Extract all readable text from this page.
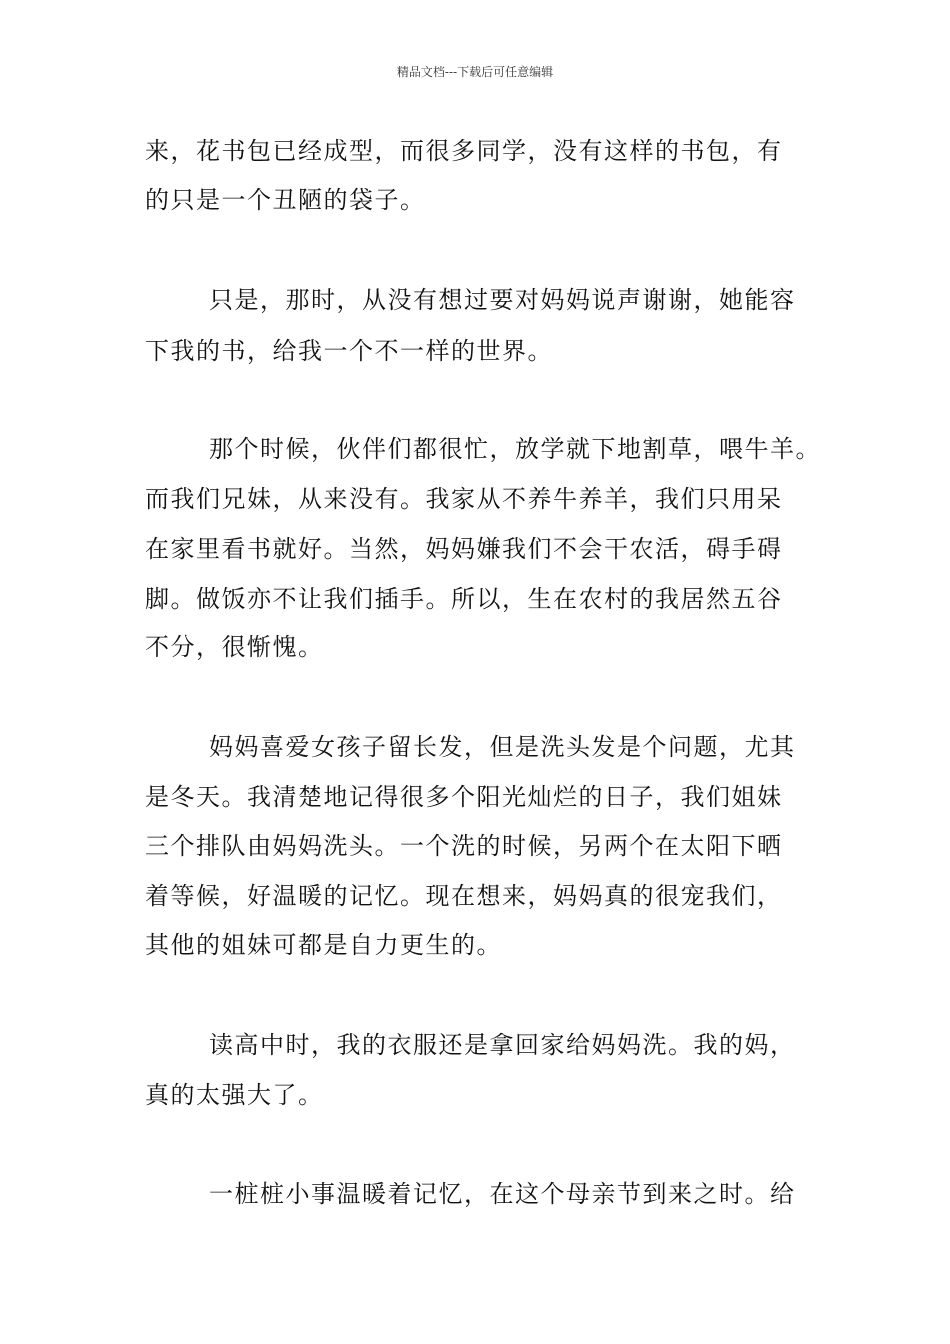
精品文档---下载后可任意编辑
来，花书包已经成型，而很多同学，没有这样的书包，有
的只是一个丑陋的袋子。
只是，那时，从没有想过要对妈妈说声谢谢，她能容
下我的书，给我一个不一样的世界。
那个时候，伙伴们都很忙，放学就下地割草，喂牛羊。
而我们兄妹，从来没有。我家从不养牛养羊，我们只用呆
在家里看书就好。当然，妈妈嫌我们不会干农活，碍手碍
脚。做饭亦不让我们插手。所以，生在农村的我居然五谷
不分，很惭愧。
妈妈喜爱女孩子留长发，但是洗头发是个问题，尤其
是冬天。我清楚地记得很多个阳光灿烂的日子，我们姐妹
三个排队由妈妈洗头。一个洗的时候，另两个在太阳下晒
着等候，好温暖的记忆。现在想来，妈妈真的很宠我们，
其他的姐妹可都是自力更生的。
读高中时，我的衣服还是拿回家给妈妈洗。我的妈，
真的太强大了。
一桩桩小事温暖着记忆，在这个母亲节到来之时。给
